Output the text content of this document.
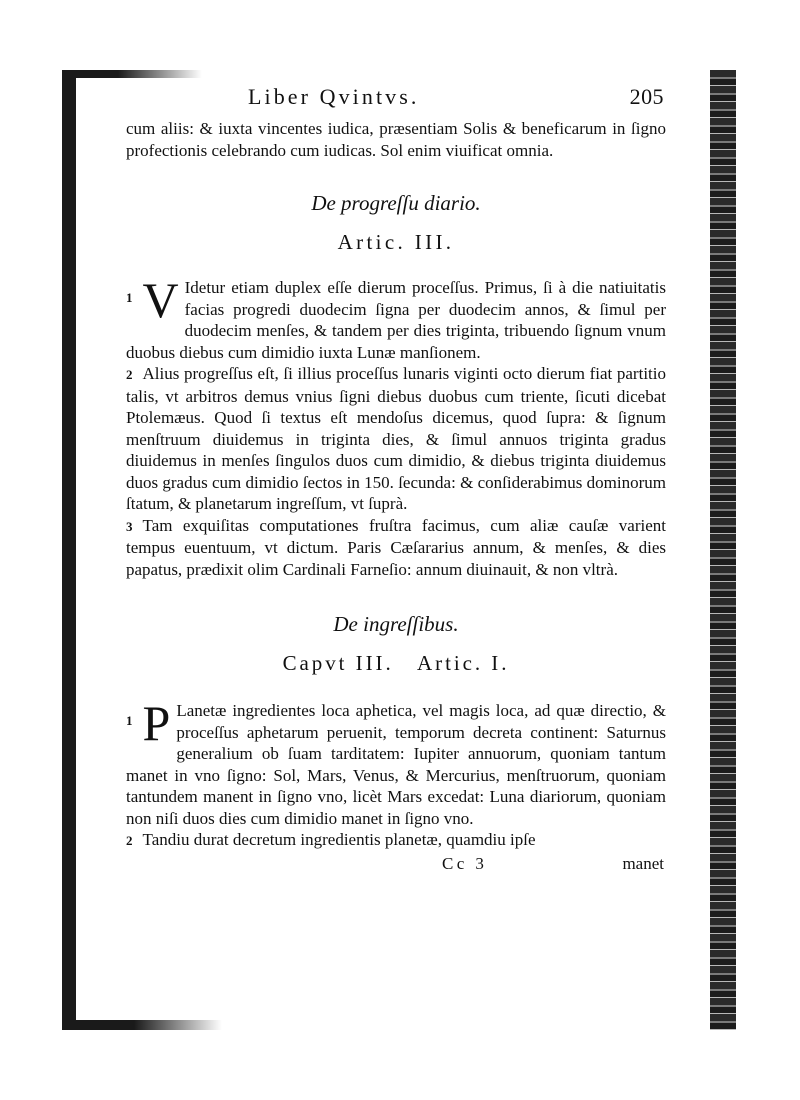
Liber Qvintvs.	205

cum aliis: & iuxta vincentes iudica, præsentiam Solis & beneficarum in ſigno profectionis celebrando cum iudicas. Sol enim viuificat omnia.

De progreſſu diario.
Artic. III.

1 V Idetur etiam duplex eſſe dierum proceſſus. Primus, ſi à die natiuitatis facias progredi duodecim ſigna per duodecim annos, & ſimul per duodecim menſes, & tandem per dies triginta, tribuendo ſignum vnum duobus diebus cum dimidio iuxta Lunæ manſionem.

2 Alius progreſſus eſt, ſi illius proceſſus lunaris viginti octo dierum fiat partitio talis, vt arbitros demus vnius ſigni diebus duobus cum triente, ſicuti dicebat Ptolemæus. Quod ſi textus eſt mendoſus dicemus, quod ſupra: & ſignum menſtruum diuidemus in triginta dies, & ſimul annuos triginta gradus diuidemus in menſes ſingulos duos cum dimidio, & diebus triginta diuidemus duos gradus cum dimidio ſectos in 150. ſecunda: & conſiderabimus dominorum ſtatum, & planetarum ingreſſum, vt ſuprà.

3 Tam exquiſitas computationes fruſtra facimus, cum aliæ cauſæ varient tempus euentuum, vt dictum. Paris Cæſararius annum, & menſes, & dies papatus, prædixit olim Cardinali Farneſio: annum diuinauit, & non vltrà.

De ingreſſibus.
Capvt III.   Artic. I.

1 P Lanetæ ingredientes loca aphetica, vel magis loca, ad quæ directio, & proceſſus aphetarum peruenit, temporum decreta continent: Saturnus generalium ob ſuam tarditatem: Iupiter annuorum, quoniam tantum manet in vno ſigno: Sol, Mars, Venus, & Mercurius, menſtruorum, quoniam tantundem manent in ſigno vno, licèt Mars excedat: Luna diariorum, quoniam non niſi duos dies cum dimidio manet in ſigno vno.

2 Tandiu durat decretum ingredientis planetæ, quamdiu ipſe

Cc 3	manet
